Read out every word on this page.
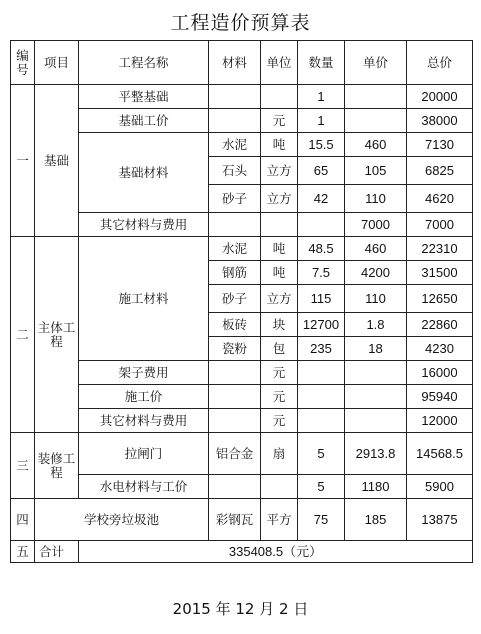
工程造价预算表
编号	项目	工程名称	材料	单位	数量	单价	总价
一	基础	平整基础			1		20000
		基础工价		元	1		38000
		基础材料	水泥	吨	15.5	460	7130
			石头	立方	65	105	6825
			砂子	立方	42	110	4620
		其它材料与费用				7000	7000
二	主体工程	施工材料	水泥	吨	48.5	460	22310
			钢筋	吨	7.5	4200	31500
			砂子	立方	115	110	12650
			板砖	块	12700	1.8	22860
			瓷粉	包	235	18	4230
		架子费用		元			16000
		施工价		元			95940
		其它材料与费用		元			12000
三	装修工程	拉闸门	铝合金	扇	5	2913.8	14568.5
		水电材料与工价			5	1180	5900
四	学校旁垃圾池		彩钢瓦	平方	75	185	13875
五	合计	335408.5（元）					
2015 年 12 月 2 日
